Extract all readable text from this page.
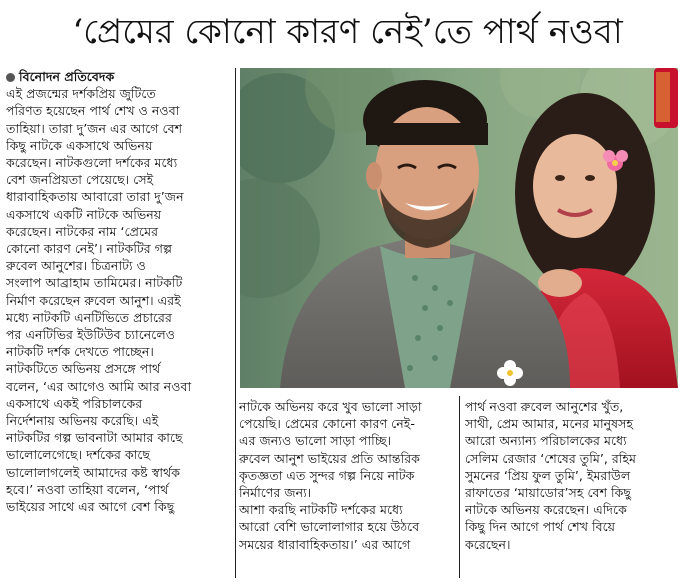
‘প্রেমের কোনো কারণ নেই’তে পার্থ নওবা
বিনোদন প্রতিবেদক
এই প্রজন্মের দর্শকপ্রিয় জুটিতে
পরিণত হয়েছেন পার্থ শেখ ও নওবা
তাহিয়া। তারা দু’জন এর আগে বেশ
কিছু নাটকে একসাথে অভিনয়
করেছেন। নাটকগুলো দর্শকের মধ্যে
বেশ জনপ্রিয়তা পেয়েছে। সেই
ধারাবাহিকতায় আবারো তারা দু’জন
একসাথে একটি নাটকে অভিনয়
করেছেন। নাটকের নাম ‘প্রেমের
কোনো কারণ নেই’। নাটকটির গল্প
রুবেল আনুশের। চিত্রনাট্য ও
সংলাপ আব্রাহাম তামিমের। নাটকটি
নির্মাণ করেছেন রুবেল আনুশ। এরই
মধ্যে নাটকটি এনটিভিতে প্রচারের
পর এনটিভির ইউটিউব চ্যানেলেও
নাটকটি দর্শক দেখতে পাচ্ছেন।
নাটকটিতে অভিনয় প্রসঙ্গে পার্থ
বলেন, ‘এর আগেও আমি আর নওবা
একসাথে একই পরিচালকের
নির্দেশনায় অভিনয় করেছি। এই
নাটকটির গল্প ভাবনাটা আমার কাছে
ভালোলেগেছে। দর্শকের কাছে
ভালোলাগলেই আমাদের কষ্ট স্বার্থক
হবে।’ নওবা তাহিয়া বলেন, ‘পার্থ
ভাইয়ের সাথে এর আগে বেশ কিছু
নাটকে অভিনয় করে খুব ভালো সাড়া
পেয়েছি। প্রেমের কোনো কারণ নেই-
এর জন্যও ভালো সাড়া পাচ্ছি।
রুবেল আনুশ ভাইয়ের প্রতি আন্তরিক
কৃতজ্ঞতা এত সুন্দর গল্প নিয়ে নাটক
নির্মাণের জন্য।
আশা করছি নাটকটি দর্শকের মধ্যে
আরো বেশি ভালোলাগার হয়ে উঠবে
সময়ের ধারাবাহিকতায়।’ এর আগে
পার্থ নওবা রুবেল আনুশের খুঁত,
সাথী, প্রেম আমার, মনের মানুষসহ
আরো অন্যান্য পরিচালকের মধ্যে
সেলিম রেজার ‘শেষের তুমি’, রহিম
সুমনের ‘প্রিয় ফুল তুমি’, ইমরাউল
রাফাতের ‘মায়াডোর’সহ বেশ কিছু
নাটকে অভিনয় করেছেন। এদিকে
কিছু দিন আগে পার্থ শেখ বিয়ে
করেছেন।
